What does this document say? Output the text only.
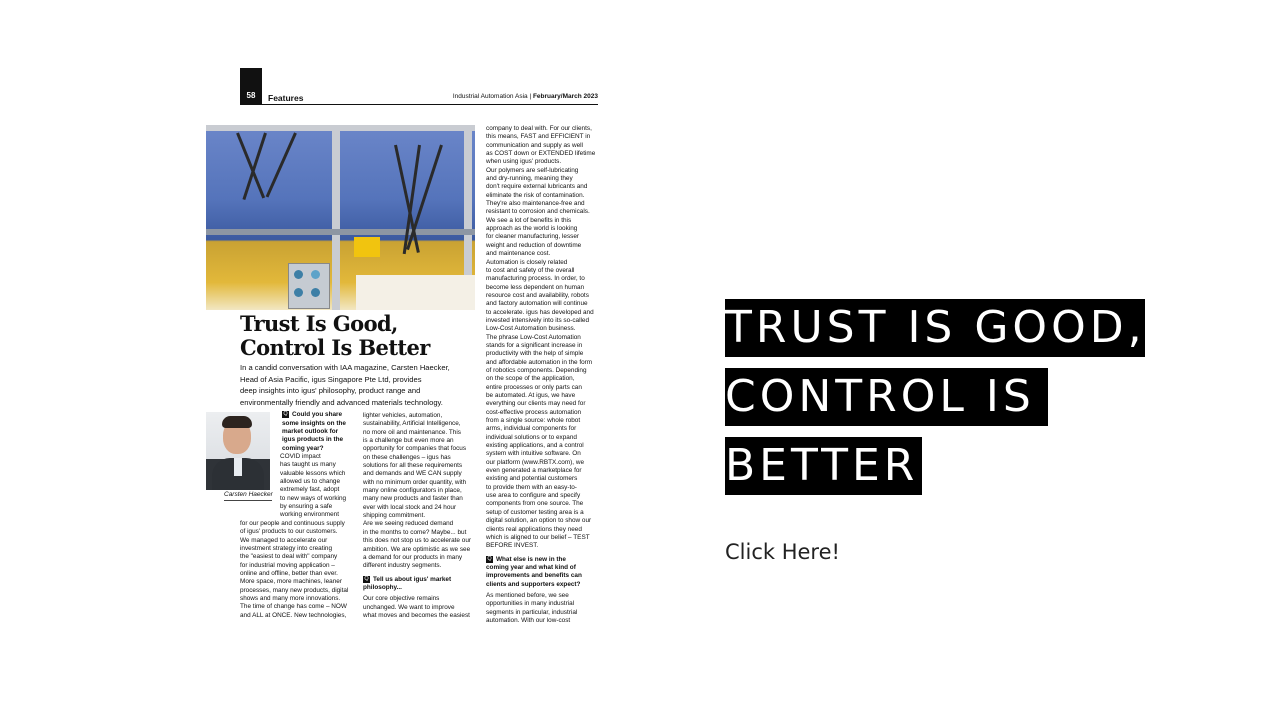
58	Features	Industrial Automation Asia | February/March 2023
Trust Is Good,
Control Is Better
In a candid conversation with IAA magazine, Carsten Haecker,
Head of Asia Pacific, igus Singapore Pte Ltd, provides
deep insights into igus' philosophy, product range and
environmentally friendly and advanced materials technology.
Carsten Haecker
Q Could you share

some insights on the
market outlook for
igus products in the
coming year?
COVID impact
has taught us many
valuable lessons which
allowed us to change
extremely fast, adopt
to new ways of working
by ensuring a safe
working environment
for our people and continuous supply
of igus' products to our customers.
We managed to accelerate our
investment strategy into creating
the "easiest to deal with" company
for industrial moving application –
online and offline, better than ever.
More space, more machines, leaner
processes, many new products, digital
shows and many more innovations.
The time of change has come – NOW
and ALL at ONCE. New technologies,
lighter vehicles, automation,
sustainability, Artificial Intelligence,
no more oil and maintenance. This
is a challenge but even more an
opportunity for companies that focus
on these challenges – igus has
solutions for all these requirements
and demands and WE CAN supply
with no minimum order quantity, with
many online configurators in place,
many new products and faster than
ever with local stock and 24 hour
shipping commitment.
Are we seeing reduced demand
in the months to come? Maybe... but
this does not stop us to accelerate our
ambition. We are optimistic as we see
a demand for our products in many
different industry segments.
Q Tell us about igus' market

philosophy...
Our core objective remains
unchanged. We want to improve
what moves and becomes the easiest
company to deal with. For our clients,
this means, FAST and EFFICIENT in
communication and supply as well
as COST down or EXTENDED lifetime
when using igus' products.
Our polymers are self-lubricating
and dry-running, meaning they
don't require external lubricants and
eliminate the risk of contamination.
They're also maintenance-free and
resistant to corrosion and chemicals.
We see a lot of benefits in this
approach as the world is looking
for cleaner manufacturing, lesser
weight and reduction of downtime
and maintenance cost.
Automation is closely related
to cost and safety of the overall
manufacturing process. In order, to
become less dependent on human
resource cost and availability, robots
and factory automation will continue
to accelerate. igus has developed and
invested intensively into its so-called
Low-Cost Automation business.
The phrase Low-Cost Automation
stands for a significant increase in
productivity with the help of simple
and affordable automation in the form
of robotics components. Depending
on the scope of the application,
entire processes or only parts can
be automated. At igus, we have
everything our clients may need for
cost-effective process automation
from a single source: whole robot
arms, individual components for
individual solutions or to expand
existing applications, and a control
system with intuitive software. On
our platform (www.RBTX.com), we
even generated a marketplace for
existing and potential customers
to provide them with an easy-to-
use area to configure and specify
components from one source. The
setup of customer testing area is a
digital solution, an option to show our
clients real applications they need
which is aligned to our belief – TEST
BEFORE INVEST.
Q What else is new in the

coming year and what kind of
improvements and benefits can
clients and supporters expect?
As mentioned before, we see
opportunities in many industrial
segments in particular, industrial
automation. With our low-cost
TRUST IS GOOD,
CONTROL IS
BETTER
Click Here!
